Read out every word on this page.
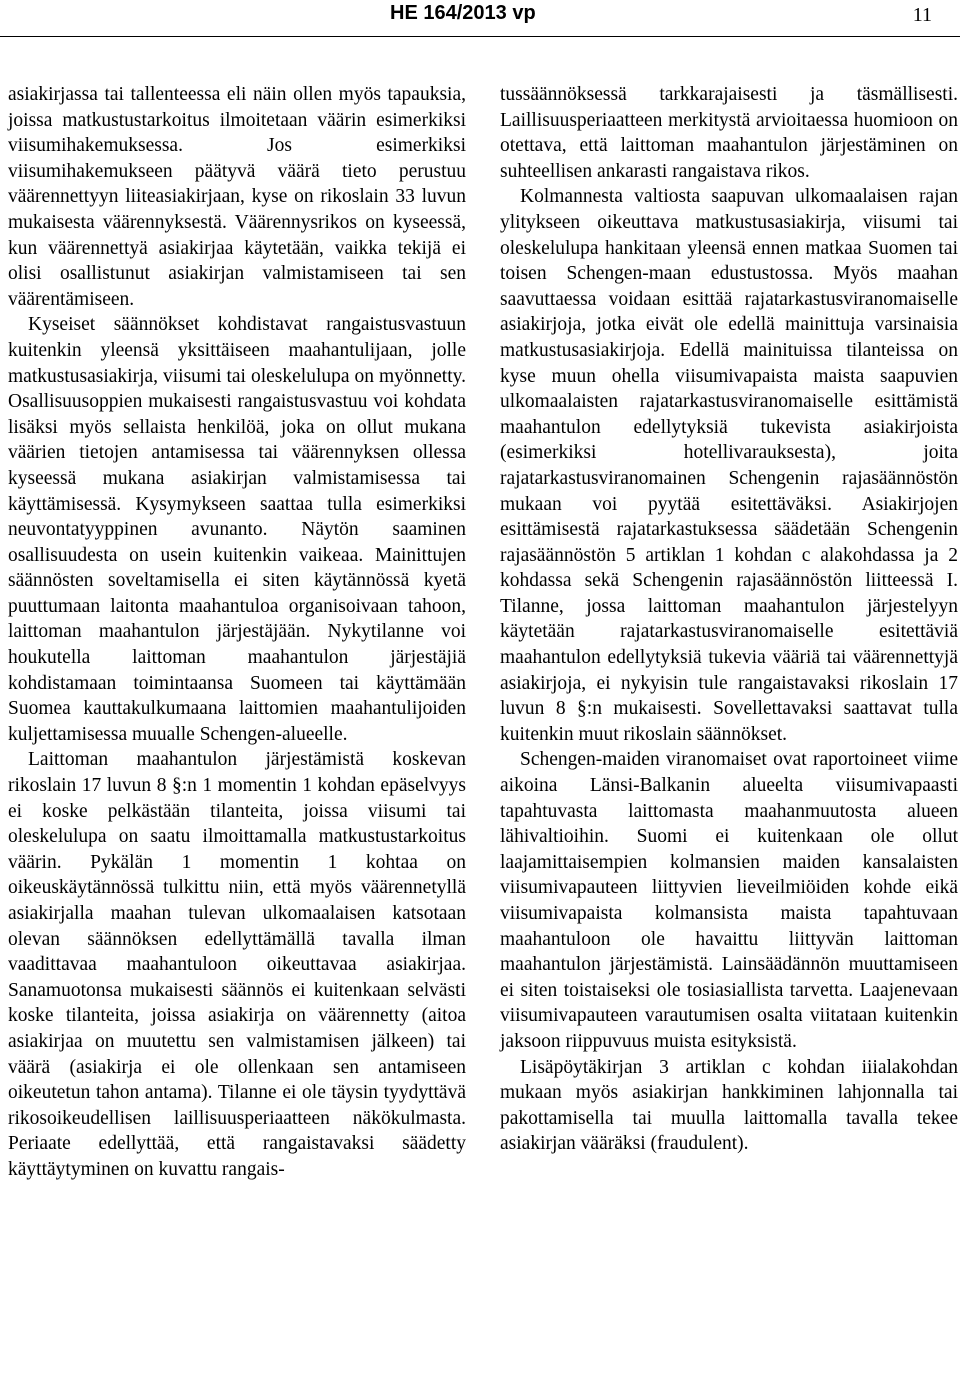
HE 164/2013 vp	11

asiakirjassa tai tallenteessa eli näin ollen myös tapauksia, joissa matkustustarkoitus ilmoitetaan väärin esimerkiksi viisumihakemuksessa. Jos esimerkiksi viisumihakemukseen päätyvä väärä tieto perustuu väärennettyyn liiteasiakirjaan, kyse on rikoslain 33 luvun mukaisesta väärennyksestä. Väärennysrikos on kyseessä, kun väärennettyä asiakirjaa käytetään, vaikka tekijä ei olisi osallistunut asiakirjan valmistamiseen tai sen väärentämiseen.

Kyseiset säännökset kohdistavat rangaistusvastuun kuitenkin yleensä yksittäiseen maahantulijaan, jolle matkustusasiakirja, viisumi tai oleskelulupa on myönnetty. Osallisuusoppien mukaisesti rangaistusvastuu voi kohdata lisäksi myös sellaista henkilöä, joka on ollut mukana väärien tietojen antamisessa tai väärennyksen ollessa kyseessä mukana asiakirjan valmistamisessa tai käyttämisessä. Kysymykseen saattaa tulla esimerkiksi neuvontatyyppinen avunanto. Näytön saaminen osallisuudesta on usein kuitenkin vaikeaa. Mainittujen säännösten soveltamisella ei siten käytännössä kyetä puuttumaan laitonta maahantuloa organisoivaan tahoon, laittoman maahantulon järjestäjään. Nykytilanne voi houkutella laittoman maahantulon järjestäjiä kohdistamaan toimintaansa Suomeen tai käyttämään Suomea kauttakulkumaana laittomien maahantulijoiden kuljettamisessa muualle Schengen-alueelle.

Laittoman maahantulon järjestämistä koskevan rikoslain 17 luvun 8 §:n 1 momentin 1 kohdan epäselvyys ei koske pelkästään tilanteita, joissa viisumi tai oleskelulupa on saatu ilmoittamalla matkustustarkoitus väärin. Pykälän 1 momentin 1 kohtaa on oikeuskäytännössä tulkittu niin, että myös väärennetyllä asiakirjalla maahan tulevan ulkomaalaisen katsotaan olevan säännöksen edellyttämällä tavalla ilman vaadittavaa maahantuloon oikeuttavaa asiakirjaa. Sanamuotonsa mukaisesti säännös ei kuitenkaan selvästi koske tilanteita, joissa asiakirja on väärennetty (aitoa asiakirjaa on muutettu sen valmistamisen jälkeen) tai väärä (asiakirja ei ole ollenkaan sen antamiseen oikeutetun tahon antama). Tilanne ei ole täysin tyydyttävä rikosoikeudellisen laillisuusperiaatteen näkökulmasta. Periaate edellyttää, että rangaistavaksi säädetty käyttäytyminen on kuvattu rangais-

tussäännöksessä tarkkarajaisesti ja täsmällisesti. Laillisuusperiaatteen merkitystä arvioitaessa huomioon on otettava, että laittoman maahantulon järjestäminen on suhteellisen ankarasti rangaistava rikos.

Kolmannesta valtiosta saapuvan ulkomaalaisen rajan ylitykseen oikeuttava matkustusasiakirja, viisumi tai oleskelulupa hankitaan yleensä ennen matkaa Suomen tai toisen Schengen-maan edustustossa. Myös maahan saavuttaessa voidaan esittää rajatarkastusviranomaiselle asiakirjoja, jotka eivät ole edellä mainittuja varsinaisia matkustusasiakirjoja. Edellä mainituissa tilanteissa on kyse muun ohella viisumivapaista maista saapuvien ulkomaalaisten rajatarkastusviranomaiselle esittämistä maahantulon edellytyksiä tukevista asiakirjoista (esimerkiksi hotellivarauksesta), joita rajatarkastusviranomainen Schengenin rajasäännöstön mukaan voi pyytää esitettäväksi. Asiakirjojen esittämisestä rajatarkastuksessa säädetään Schengenin rajasäännöstön 5 artiklan 1 kohdan c alakohdassa ja 2 kohdassa sekä Schengenin rajasäännöstön liitteessä I. Tilanne, jossa laittoman maahantulon järjestelyyn käytetään rajatarkastusviranomaiselle esitettäviä maahantulon edellytyksiä tukevia vääriä tai väärennettyjä asiakirjoja, ei nykyisin tule rangaistavaksi rikoslain 17 luvun 8 §:n mukaisesti. Sovellettavaksi saattavat tulla kuitenkin muut rikoslain säännökset.

Schengen-maiden viranomaiset ovat raportoineet viime aikoina Länsi-Balkanin alueelta viisumivapaasti tapahtuvasta laittomasta maahanmuutosta alueen lähivaltioihin. Suomi ei kuitenkaan ole ollut laajamittaisempien kolmansien maiden kansalaisten viisumivapauteen liittyvien lieveilmiöiden kohde eikä viisumivapaista kolmansista maista tapahtuvaan maahantuloon ole havaittu liittyvän laittoman maahantulon järjestämistä. Lainsäädännön muuttamiseen ei siten toistaiseksi ole tosiasiallista tarvetta. Laajenevaan viisumivapauteen varautumisen osalta viitataan kuitenkin jaksoon riippuvuus muista esityksistä.

Lisäpöytäkirjan 3 artiklan c kohdan iiialakohdan mukaan myös asiakirjan hankkiminen lahjonnalla tai pakottamisella tai muulla laittomalla tavalla tekee asiakirjan vääräksi (fraudulent).
